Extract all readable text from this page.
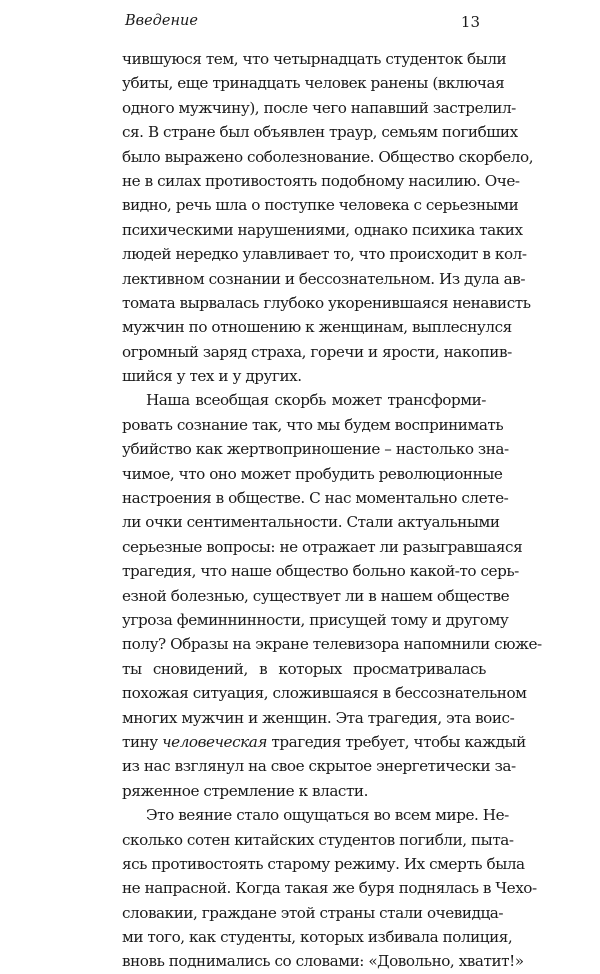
Введение	13
чившуюся тем, что четырнадцать студенток были
убиты, еще тринадцать человек ранены (включая
одного мужчину), после чего напавший застрелил-
ся. В стране был объявлен траур, семьям погибших
было выражено соболезнование. Общество скорбело,
не в силах противостоять подобному насилию. Оче-
видно, речь шла о поступке человека с серьезными
психическими нарушениями, однако психика таких
людей нередко улавливает то, что происходит в кол-
лективном сознании и бессознательном. Из дула ав-
томата вырвалась глубоко укоренившаяся ненависть
мужчин по отношению к женщинам, выплеснулся
огромный заряд страха, горечи и ярости, накопив-
шийся у тех и у других.
Наша всеобщая скорбь может трансформи-
ровать сознание так, что мы будем воспринимать
убийство как жертвоприношение – настолько зна-
чимое, что оно может пробудить революционные
настроения в обществе. С нас моментально слете-
ли очки сентиментальности. Стали актуальными
серьезные вопросы: не отражает ли разыгравшаяся
трагедия, что наше общество больно какой-то серь-
езной болезнью, существует ли в нашем обществе
угроза феминнинности, присущей тому и другому
полу? Образы на экране телевизора напомнили сюже-
ты сновидений, в которых просматривалась
похожая ситуация, сложившаяся в бессознательном
многих мужчин и женщин. Эта трагедия, эта воис-
тину человеческая трагедия требует, чтобы каждый
из нас взглянул на свое скрытое энергетически за-
ряженное стремление к власти.
Это веяние стало ощущаться во всем мире. Не-
сколько сотен китайских студентов погибли, пыта-
ясь противостоять старому режиму. Их смерть была
не напрасной. Когда такая же буря поднялась в Чехо-
словакии, граждане этой страны стали очевидца-
ми того, как студенты, которых избивала полиция,
вновь поднимались со словами: «Довольно, хватит!»
